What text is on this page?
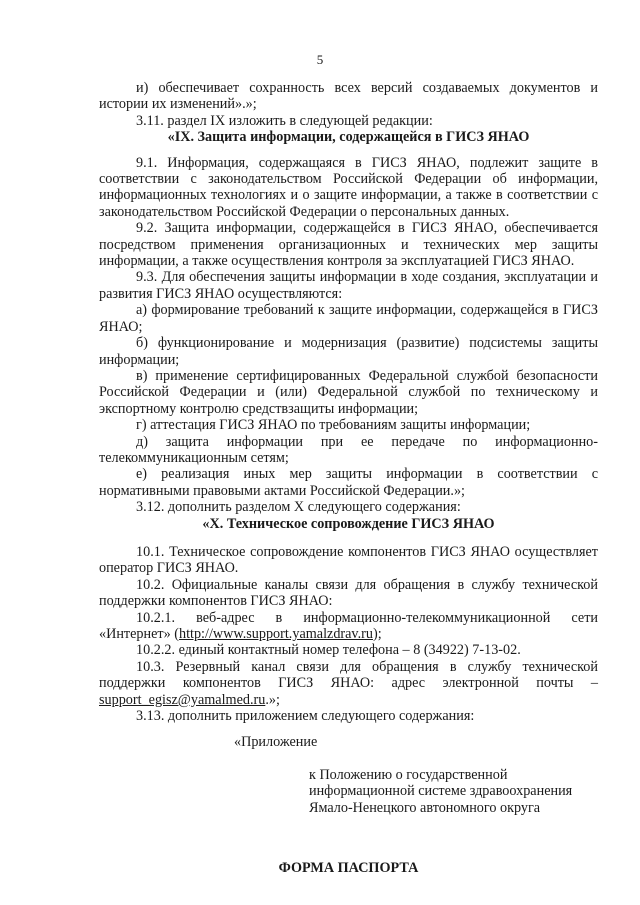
5

и) обеспечивает сохранность всех версий создаваемых документов и истории их изменений».»;

3.11. раздел IX изложить в следующей редакции:

«IX. Защита информации, содержащейся в ГИСЗ ЯНАО

9.1. Информация, содержащаяся в ГИСЗ ЯНАО, подлежит защите в соответствии с законодательством Российской Федерации об информации, информационных технологиях и о защите информации, а также в соответствии с законодательством Российской Федерации о персональных данных.

9.2. Защита информации, содержащейся в ГИСЗ ЯНАО, обеспечивается посредством применения организационных и технических мер защиты информации, а также осуществления контроля за эксплуатацией ГИСЗ ЯНАО.

9.3. Для обеспечения защиты информации в ходе создания, эксплуатации и развития ГИСЗ ЯНАО осуществляются:

а) формирование требований к защите информации, содержащейся в ГИСЗ ЯНАО;

б) функционирование и модернизация (развитие) подсистемы защиты информации;

в) применение сертифицированных Федеральной службой безопасности Российской Федерации и (или) Федеральной службой по техническому и экспортному контролю средствзащиты информации;

г) аттестация ГИСЗ ЯНАО по требованиям защиты информации;

д) защита информации при ее передаче по информационно-телекоммуникационным сетям;

е) реализация иных мер защиты информации в соответствии с нормативными правовыми актами Российской Федерации.»;

3.12. дополнить разделом X следующего содержания:

«X. Техническое сопровождение ГИСЗ ЯНАО

10.1. Техническое сопровождение компонентов ГИСЗ ЯНАО осуществляет оператор ГИСЗ ЯНАО.

10.2. Официальные каналы связи для обращения в службу технической поддержки компонентов ГИСЗ ЯНАО:

10.2.1. веб-адрес в информационно-телекоммуникационной сети «Интернет» (http://www.support.yamalzdrav.ru);

10.2.2. единый контактный номер телефона – 8 (34922) 7-13-02.

10.3. Резервный канал связи для обращения в службу технической поддержки компонентов ГИСЗ ЯНАО: адрес электронной почты – support_egisz@yamalmed.ru.»;

3.13. дополнить приложением следующего содержания:

«Приложение

к Положению о государственной
информационной системе здравоохранения
Ямало-Ненецкого автономного округа

ФОРМА ПАСПОРТА
